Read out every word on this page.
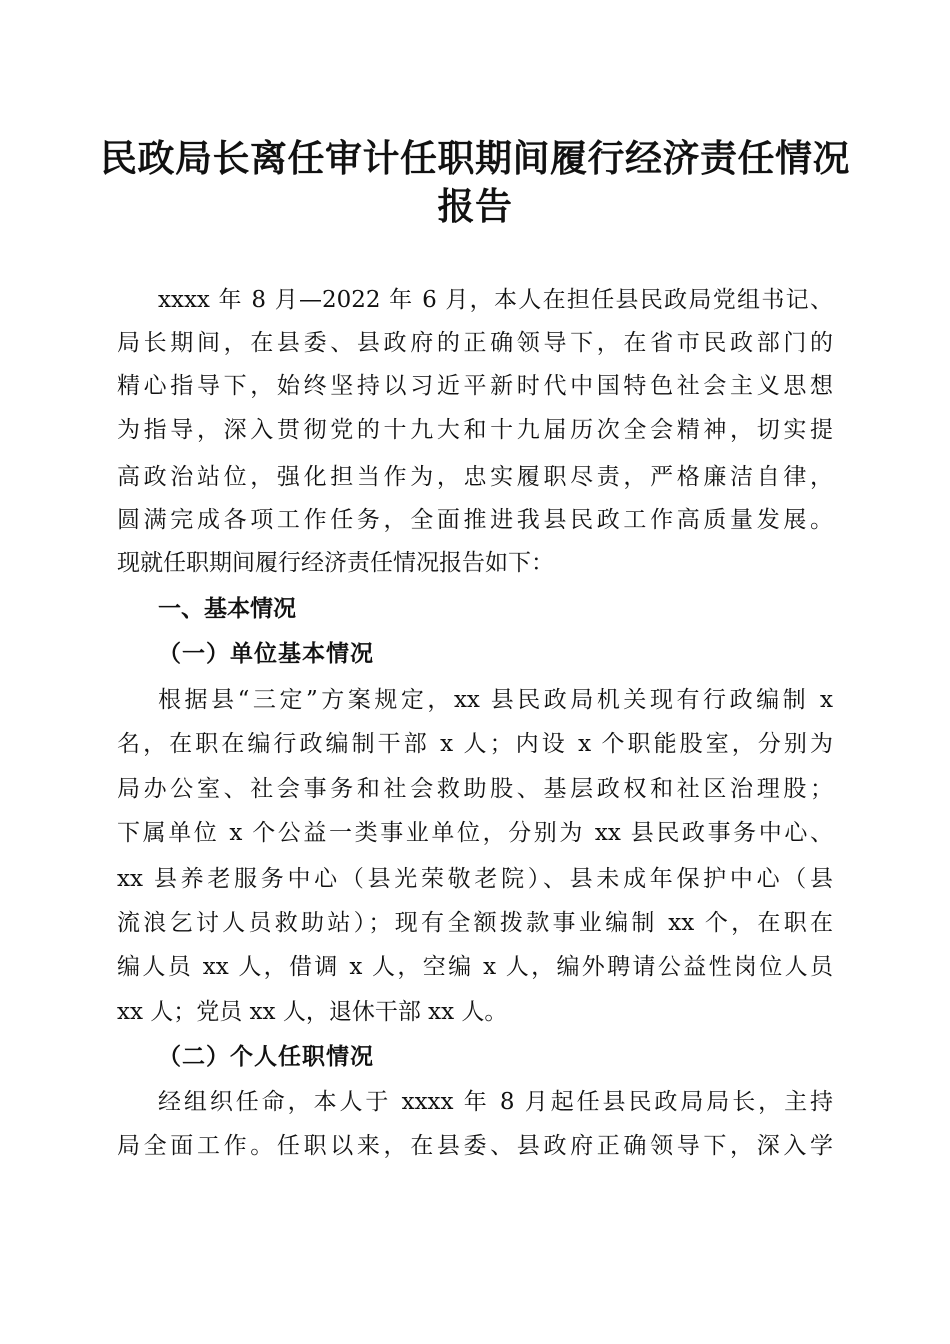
民政局长离任审计任职期间履行经济责任情况
报告

xxxx 年 8 月—2022 年 6 月，本人在担任县民政局党组书记、

局长期间，在县委、县政府的正确领导下，在省市民政部门的

精心指导下，始终坚持以习近平新时代中国特色社会主义思想

为指导，深入贯彻党的十九大和十九届历次全会精神，切实提

高政治站位，强化担当作为，忠实履职尽责，严格廉洁自律，

圆满完成各项工作任务，全面推进我县民政工作高质量发展。

现就任职期间履行经济责任情况报告如下：

一、基本情况
（一）单位基本情况

根据县“三定”方案规定，xx 县民政局机关现有行政编制 x

名，在职在编行政编制干部 x 人；内设 x 个职能股室，分别为

局办公室、社会事务和社会救助股、基层政权和社区治理股；

下属单位 x 个公益一类事业单位，分别为 xx 县民政事务中心、

xx 县养老服务中心（县光荣敬老院）、县未成年保护中心（县

流浪乞讨人员救助站）；现有全额拨款事业编制 xx 个，在职在

编人员 xx 人，借调 x 人，空编 x 人，编外聘请公益性岗位人员

xx 人；党员 xx 人，退休干部 xx 人。

（二）个人任职情况

经组织任命，本人于 xxxx 年 8 月起任县民政局局长，主持

局全面工作。任职以来，在县委、县政府正确领导下，深入学
